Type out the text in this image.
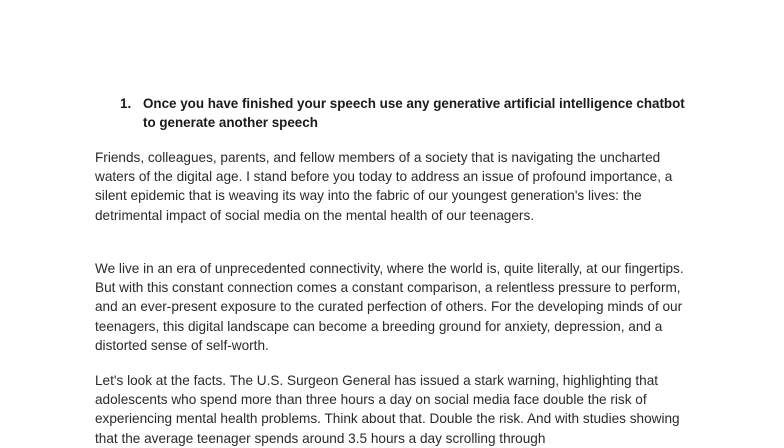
1. Once you have finished your speech use any generative artificial intelligence chatbot to generate another speech

Friends, colleagues, parents, and fellow members of a society that is navigating the uncharted waters of the digital age. I stand before you today to address an issue of profound importance, a silent epidemic that is weaving its way into the fabric of our youngest generation's lives: the detrimental impact of social media on the mental health of our teenagers.

We live in an era of unprecedented connectivity, where the world is, quite literally, at our fingertips. But with this constant connection comes a constant comparison, a relentless pressure to perform, and an ever-present exposure to the curated perfection of others. For the developing minds of our teenagers, this digital landscape can become a breeding ground for anxiety, depression, and a distorted sense of self-worth.

Let's look at the facts. The U.S. Surgeon General has issued a stark warning, highlighting that adolescents who spend more than three hours a day on social media face double the risk of experiencing mental health problems. Think about that. Double the risk. And with studies showing that the average teenager spends around 3.5 hours a day scrolling through
